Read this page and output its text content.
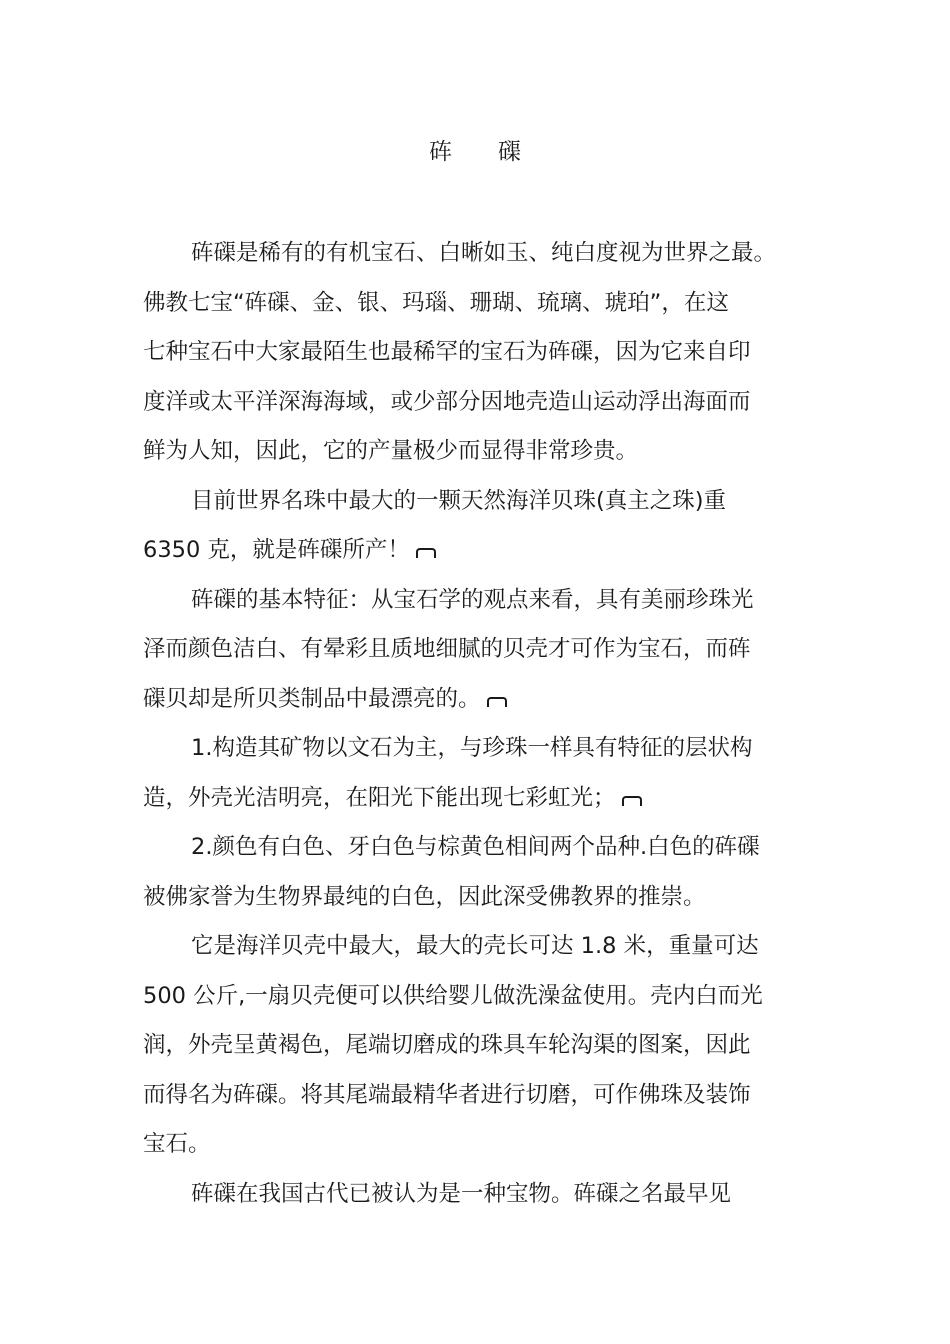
砗 磲
砗磲是稀有的有机宝石、白晰如玉、纯白度视为世界之最。
佛教七宝“砗磲、金、银、玛瑙、珊瑚、琉璃、琥珀”，在这
七种宝石中大家最陌生也最稀罕的宝石为砗磲，因为它来自印
度洋或太平洋深海海域，或少部分因地壳造山运动浮出海面而
鲜为人知，因此，它的产量极少而显得非常珍贵。
目前世界名珠中最大的一颗天然海洋贝珠(真主之珠)重
6350 克，就是砗磲所产！
砗磲的基本特征：从宝石学的观点来看，具有美丽珍珠光
泽而颜色洁白、有晕彩且质地细腻的贝壳才可作为宝石，而砗
磲贝却是所贝类制品中最漂亮的。
1.构造其矿物以文石为主，与珍珠一样具有特征的层状构
造，外壳光洁明亮，在阳光下能出现七彩虹光；
2.颜色有白色、牙白色与棕黄色相间两个品种.白色的砗磲
被佛家誉为生物界最纯的白色，因此深受佛教界的推崇。
它是海洋贝壳中最大，最大的壳长可达 1.8 米，重量可达
500 公斤,一扇贝壳便可以供给婴儿做洗澡盆使用。壳内白而光
润，外壳呈黄褐色，尾端切磨成的珠具车轮沟渠的图案，因此
而得名为砗磲。将其尾端最精华者进行切磨，可作佛珠及装饰
宝石。
砗磲在我国古代已被认为是一种宝物。砗磲之名最早见
